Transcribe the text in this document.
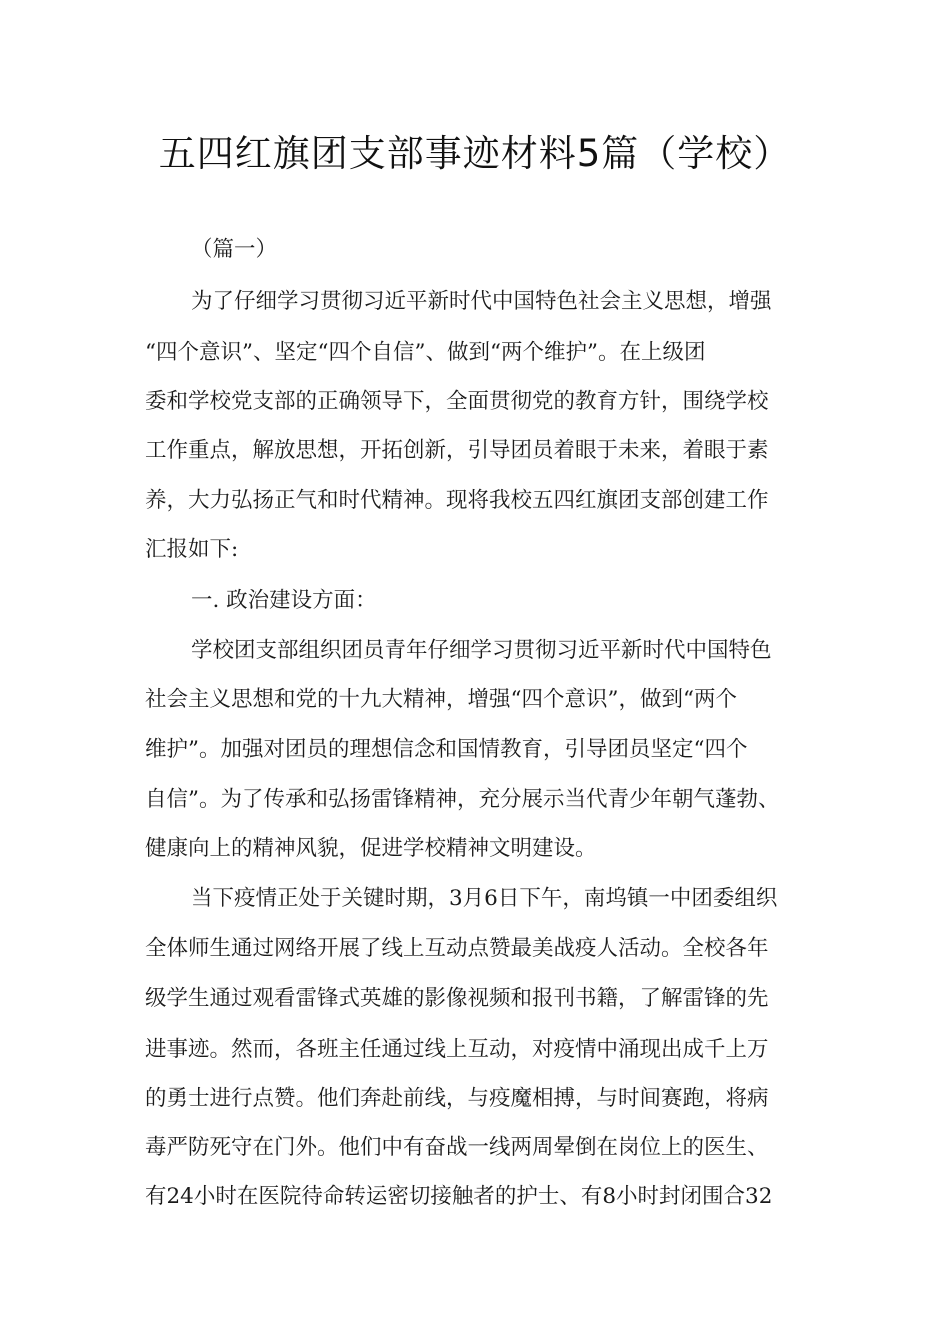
五四红旗团支部事迹材料5篇（学校）
（篇一）
为了仔细学习贯彻习近平新时代中国特色社会主义思想，增强
“四个意识”、坚定“四个自信”、做到“两个维护”。在上级团
委和学校党支部的正确领导下，全面贯彻党的教育方针，围绕学校
工作重点，解放思想，开拓创新，引导团员着眼于未来，着眼于素
养，大力弘扬正气和时代精神。现将我校五四红旗团支部创建工作
汇报如下:
一. 政治建设方面：
学校团支部组织团员青年仔细学习贯彻习近平新时代中国特色
社会主义思想和党的十九大精神，增强“四个意识”，做到“两个
维护”。加强对团员的理想信念和国情教育，引导团员坚定“四个
自信”。为了传承和弘扬雷锋精神，充分展示当代青少年朝气蓬勃、
健康向上的精神风貌，促进学校精神文明建设。
当下疫情正处于关键时期，3月6日下午，南坞镇一中团委组织
全体师生通过网络开展了线上互动点赞最美战疫人活动。全校各年
级学生通过观看雷锋式英雄的影像视频和报刊书籍，了解雷锋的先
进事迹。然而，各班主任通过线上互动，对疫情中涌现出成千上万
的勇士进行点赞。他们奔赴前线，与疫魔相搏，与时间赛跑，将病
毒严防死守在门外。他们中有奋战一线两周晕倒在岗位上的医生、
有24小时在医院待命转运密切接触者的护士、有8小时封闭围合32
